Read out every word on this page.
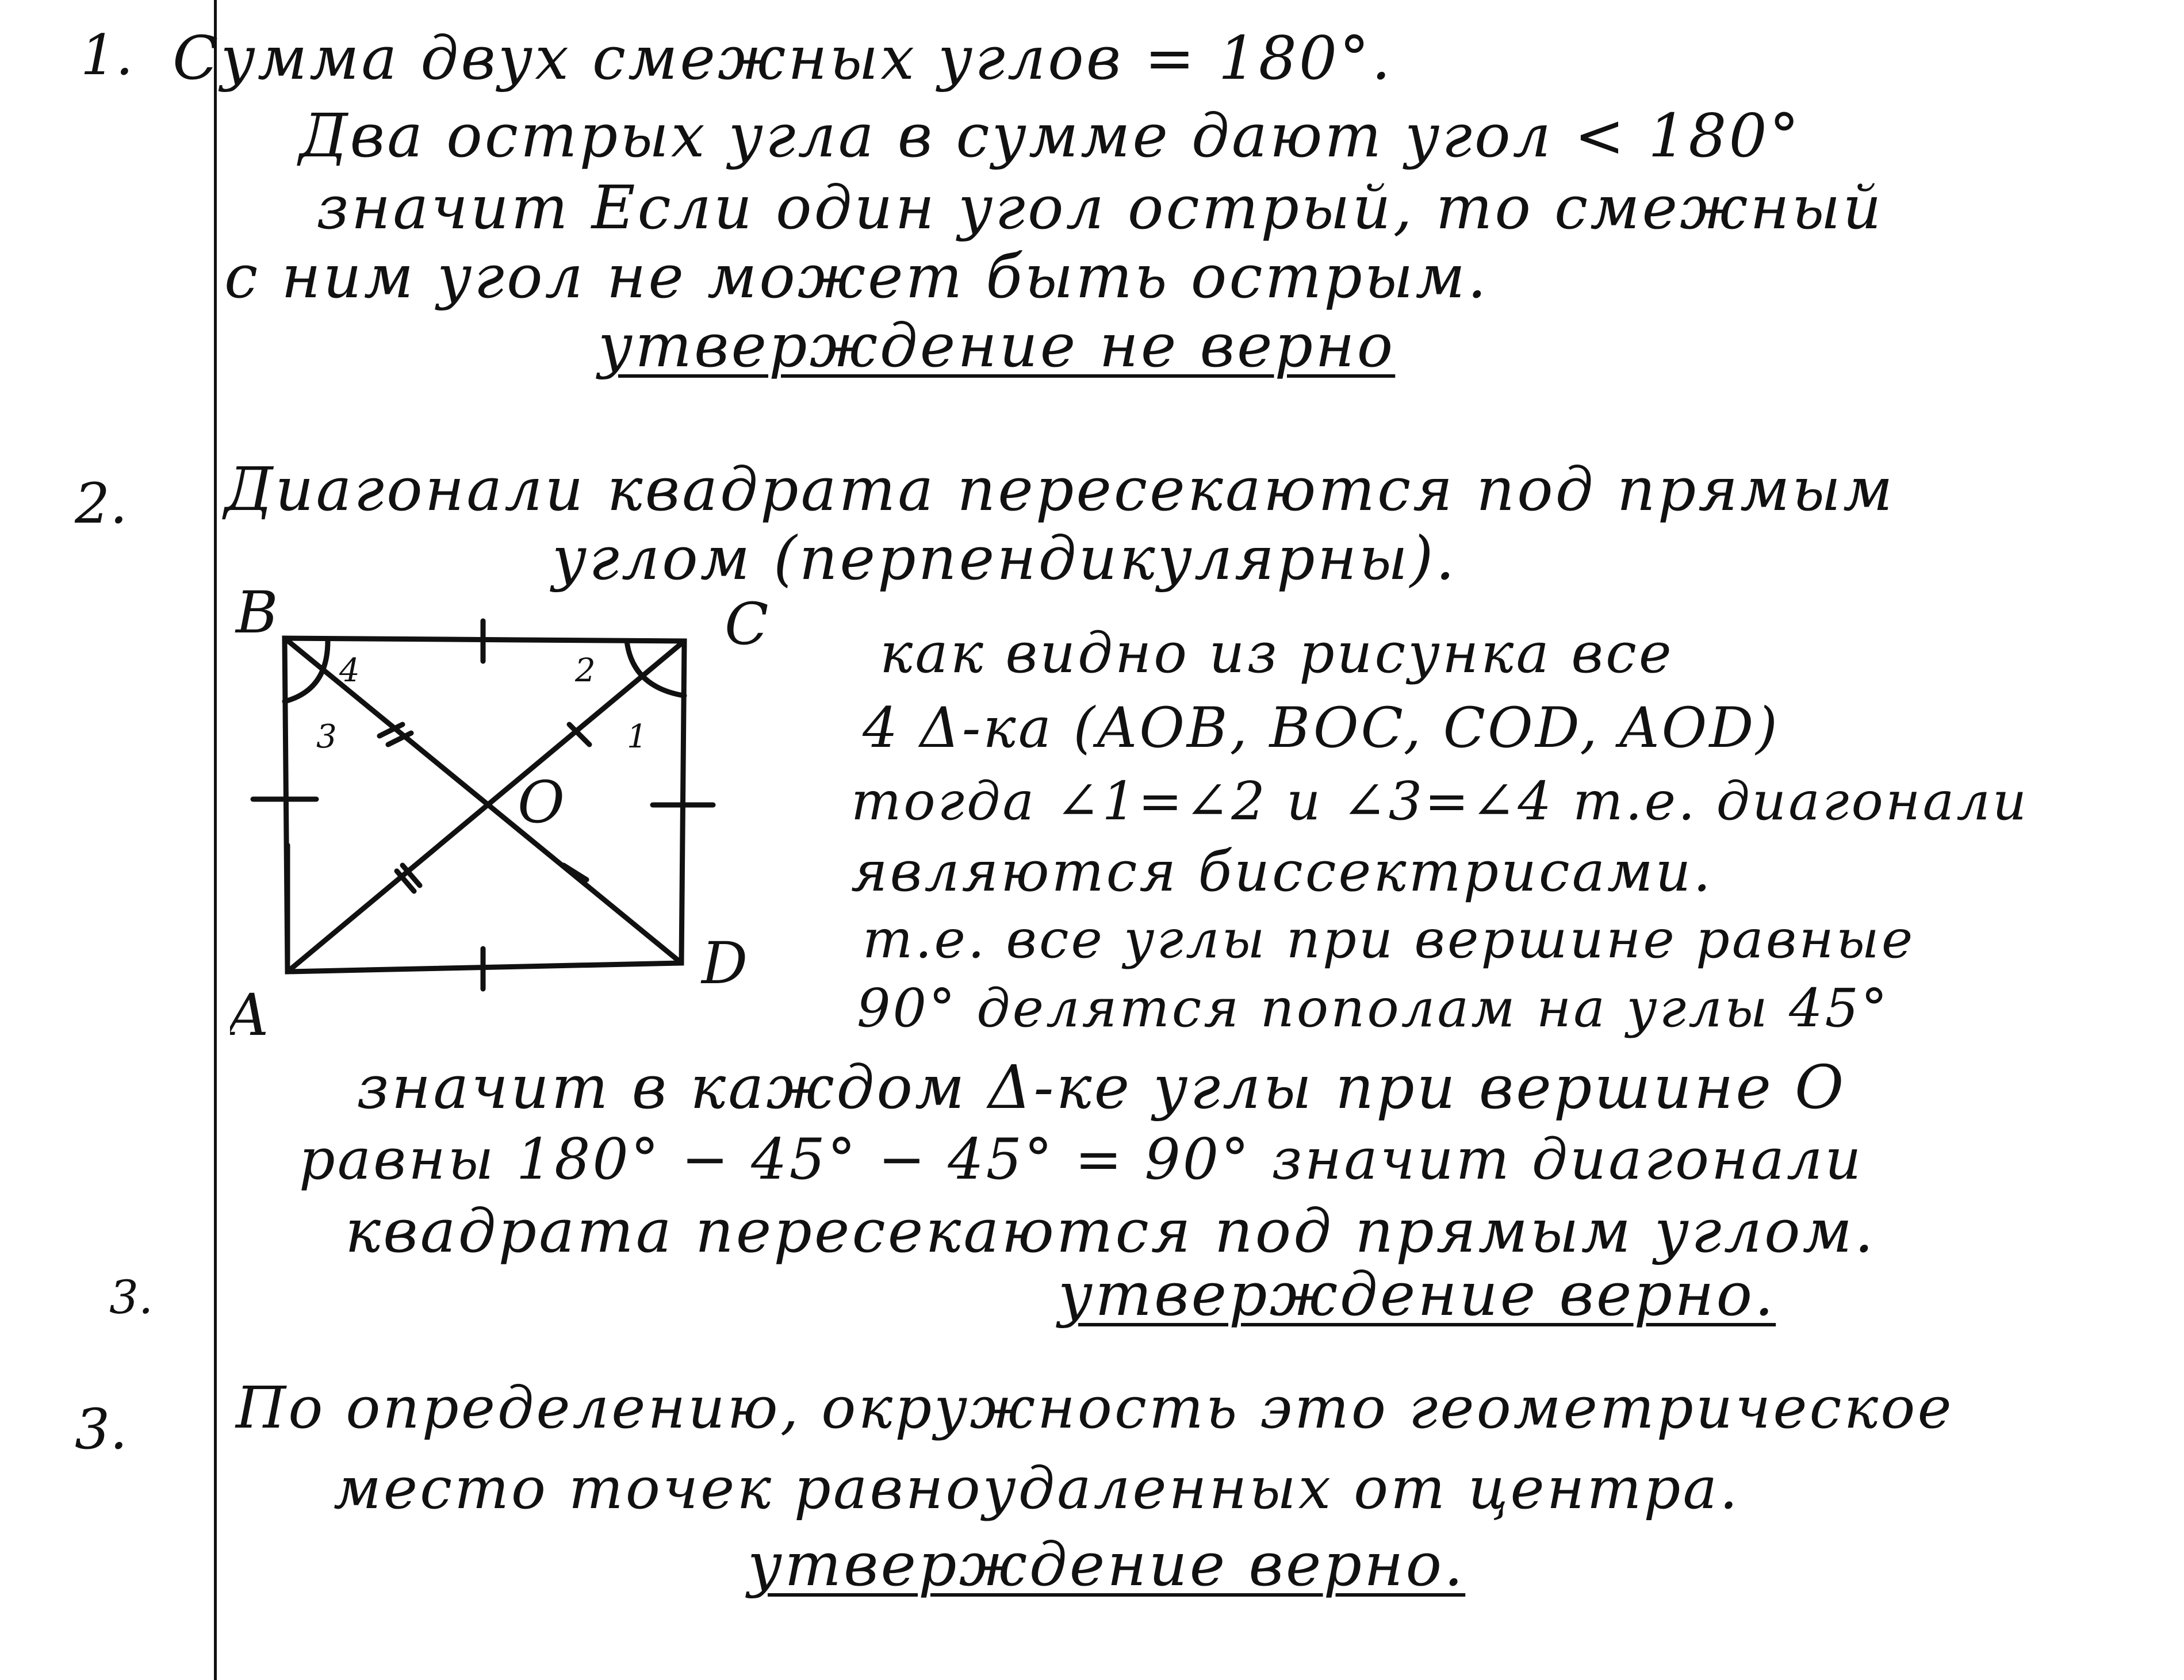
1. Сумма двух смежных углов = 180°.
Два острых угла в сумме дают угол < 180°
значит Если один угол острый, то смежный
с ним угол не может быть острым.
утверждение не верно
2. Диагонали квадрата пересекаются под прямым
углом (перпендикулярны).
B	C
D
A
O
4	2
3	1
как видно из рисунка все
4 Δ-ка (AOB, BOC, COD, AOD)
тогда ∠1=∠2 и ∠3=∠4 т.е. диагонали
являются биссектрисами.
т.е. все углы при вершине равные
90° делятся пополам на углы 45°
значит в каждом Δ-ке углы при вершине O
равны 180° − 45° − 45° = 90° значит диагонали
квадрата пересекаются под прямым углом.
утверждение верно.
3.
3. По определению, окружность это геометрическое
место точек равноудаленных от центра.
утверждение верно.
